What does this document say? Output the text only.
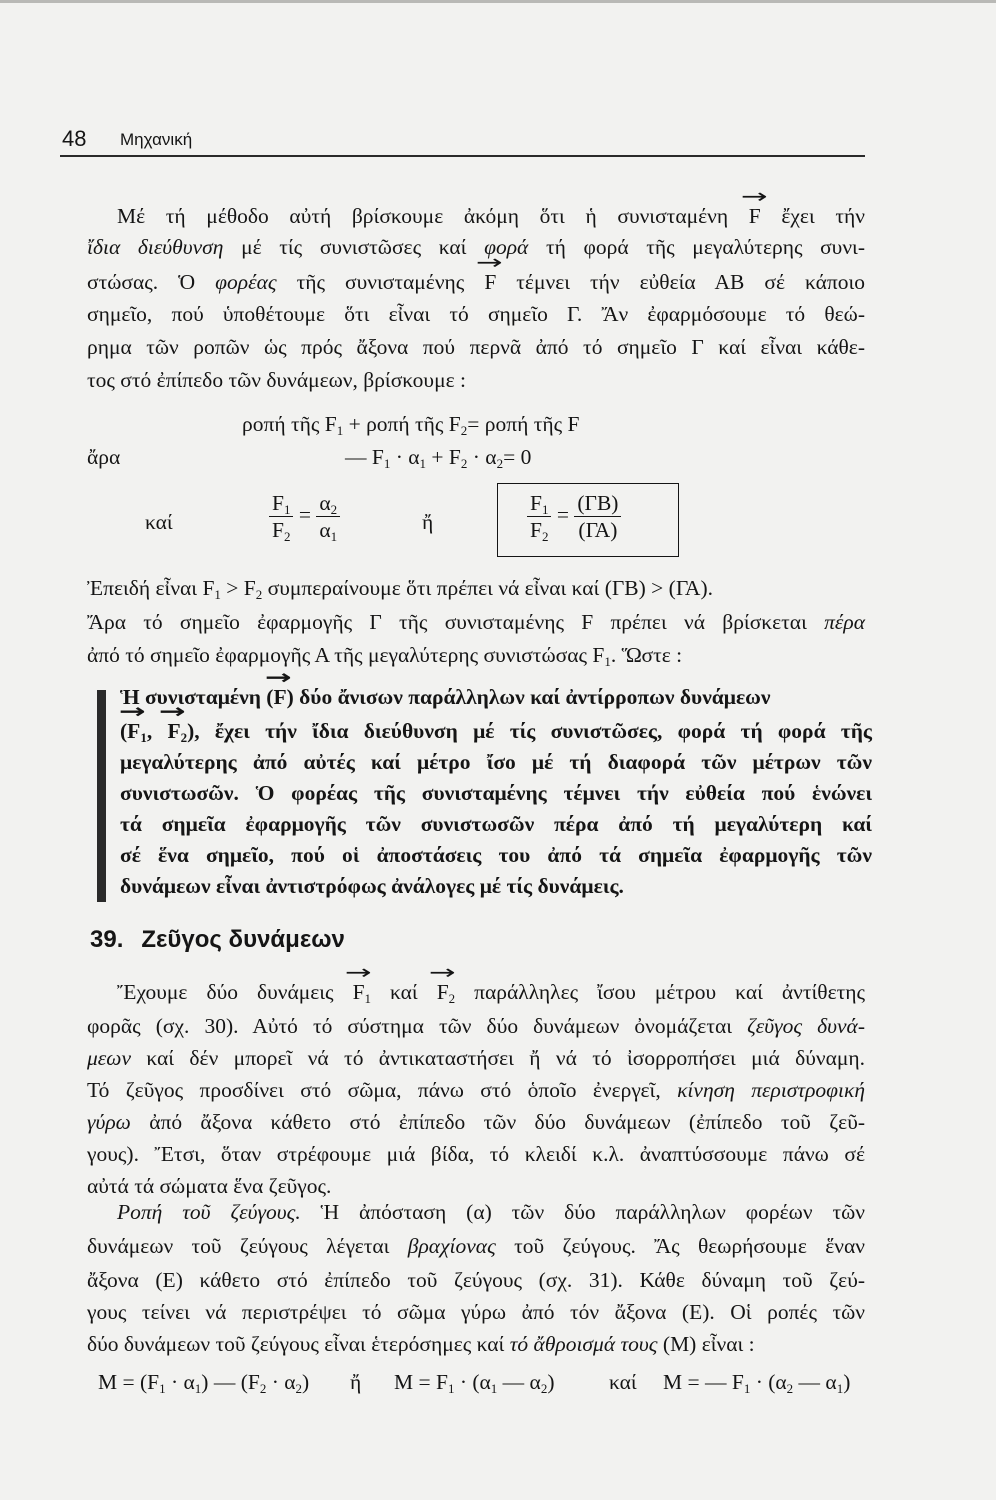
48 Μηχανική
Μέ τή μέθοδο αὐτή βρίσκουμε ἀκόμη ὅτι ἡ συνισταμένη → F ἔχει τήν
ἴδια διεύθυνση μέ τίς συνιστῶσες καί φορά τή φορά τῆς μεγαλύτερης συνι-
στώσας. Ὁ φορέας τῆς συνισταμένης → F τέμνει τήν εὐθεία ΑΒ σέ κάποιο
σημεῖο, πού ὑποθέτουμε ὅτι εἶναι τό σημεῖο Γ. Ἄν ἐφαρμόσουμε τό θεώ-
ρημα τῶν ροπῶν ὡς πρός ἄξονα πού περνᾶ ἀπό τό σημεῖο Γ καί εἶναι κάθε-
τος στό ἐπίπεδο τῶν δυνάμεων, βρίσκουμε :
ροπή τῆς $F_1 + \rho o\pi ή$ τῆς $F_2= \rho o\pi ή$ τῆς F
ἄρα	— $F_1 \cdot \alpha_1 + F_2 \cdot \alpha_2= 0$
καί	$\frac{F_1}{F_2} = \frac{\alpha_2}{\alpha_1}$	ἤ	$\frac{F_1}{F_2} = \frac{(\Gamma B)}{(\Gamma A)}$
Ἐπειδή εἶναι $F_1 > F_2$ συμπεραίνουμε ὅτι πρέπει νά εἶναι καί (ΓΒ) > (ΓΑ).
Ἄρα τό σημεῖο ἐφαρμογῆς Γ τῆς συνισταμένης F πρέπει νά βρίσκεται πέρα
ἀπό τό σημεῖο ἐφαρμογῆς Α τῆς μεγαλύτερης συνιστώσας $F_1$. Ὥστε :
Ἡ συνισταμένη (→ F) δύο ἄνισων παράλληλων καί ἀντίρροπων δυνάμεων
(→ $F_1$, → $F_2$), ἔχει τήν ἴδια διεύθυνση μέ τίς συνιστῶσες, φορά τή φορά τῆς
μεγαλύτερης ἀπό αὐτές καί μέτρο ἴσο μέ τή διαφορά τῶν μέτρων τῶν
συνιστωσῶν. Ὁ φορέας τῆς συνισταμένης τέμνει τήν εὐθεία πού ἑνώνει
τά σημεῖα ἐφαρμογῆς τῶν συνιστωσῶν πέρα ἀπό τή μεγαλύτερη καί
σέ ἕνα σημεῖο, πού οἱ ἀποστάσεις του ἀπό τά σημεῖα ἐφαρμογῆς τῶν
δυνάμεων εἶναι ἀντιστρόφως ἀνάλογες μέ τίς δυνάμεις.
39. Ζεῦγος δυνάμεων
Ἔχουμε δύο $\delta\upsilon\nu ά\mu\varepsilon\iota\varsigma \to F_1$ $\kappa\alpha ί \to F_2$ παράλληλες ἴσου μέτρου καί ἀντίθετης
φορᾶς (σχ. 30). Αὐτό τό σύστημα τῶν δύο δυνάμεων ὀνομάζεται ζεῦγος δυνά-
μεων καί δέν μπορεῖ νά τό ἀντικαταστήσει ἤ νά τό ἰσορροπήσει μιά δύναμη.
Τό ζεῦγος προσδίνει στό σῶμα, πάνω στό ὁποῖο ἐνεργεῖ, κίνηση περιστροφική
γύρω ἀπό ἄξονα κάθετο στό ἐπίπεδο τῶν δύο δυνάμεων (ἐπίπεδο τοῦ ζεῦ-
γους). Ἔτσι, ὅταν στρέφουμε μιά βίδα, τό κλειδί κ.λ. ἀναπτύσσουμε πάνω σέ
αὐτά τά σώματα ἕνα ζεῦγος.
Ροπή τοῦ ζεύγους. Ἡ ἀπόσταση (α) τῶν δύο παράλληλων φορέων τῶν
δυνάμεων τοῦ ζεύγους λέγεται βραχίονας τοῦ ζεύγους. Ἄς θεωρήσουμε ἕναν
ἄξονα (Ε) κάθετο στό ἐπίπεδο τοῦ ζεύγους (σχ. 31). Κάθε δύναμη τοῦ ζεύ-
γους τείνει νά περιστρέψει τό σῶμα γύρω ἀπό τόν ἄξονα (Ε). Οἱ ροπές τῶν
δύο δυνάμεων τοῦ ζεύγους εἶναι ἑτερόσημες καί τό ἄθροισμά τους (Μ) εἶναι :
$M = (F_1 \cdot \alpha_1)$ — $(F_2 \cdot \alpha_2)$ ἤ $M = F_1 \cdot (\alpha_1$ — $\alpha_2$)	καί Μ = — $F_1 \cdot (\alpha_2$ — $\alpha_1$)
